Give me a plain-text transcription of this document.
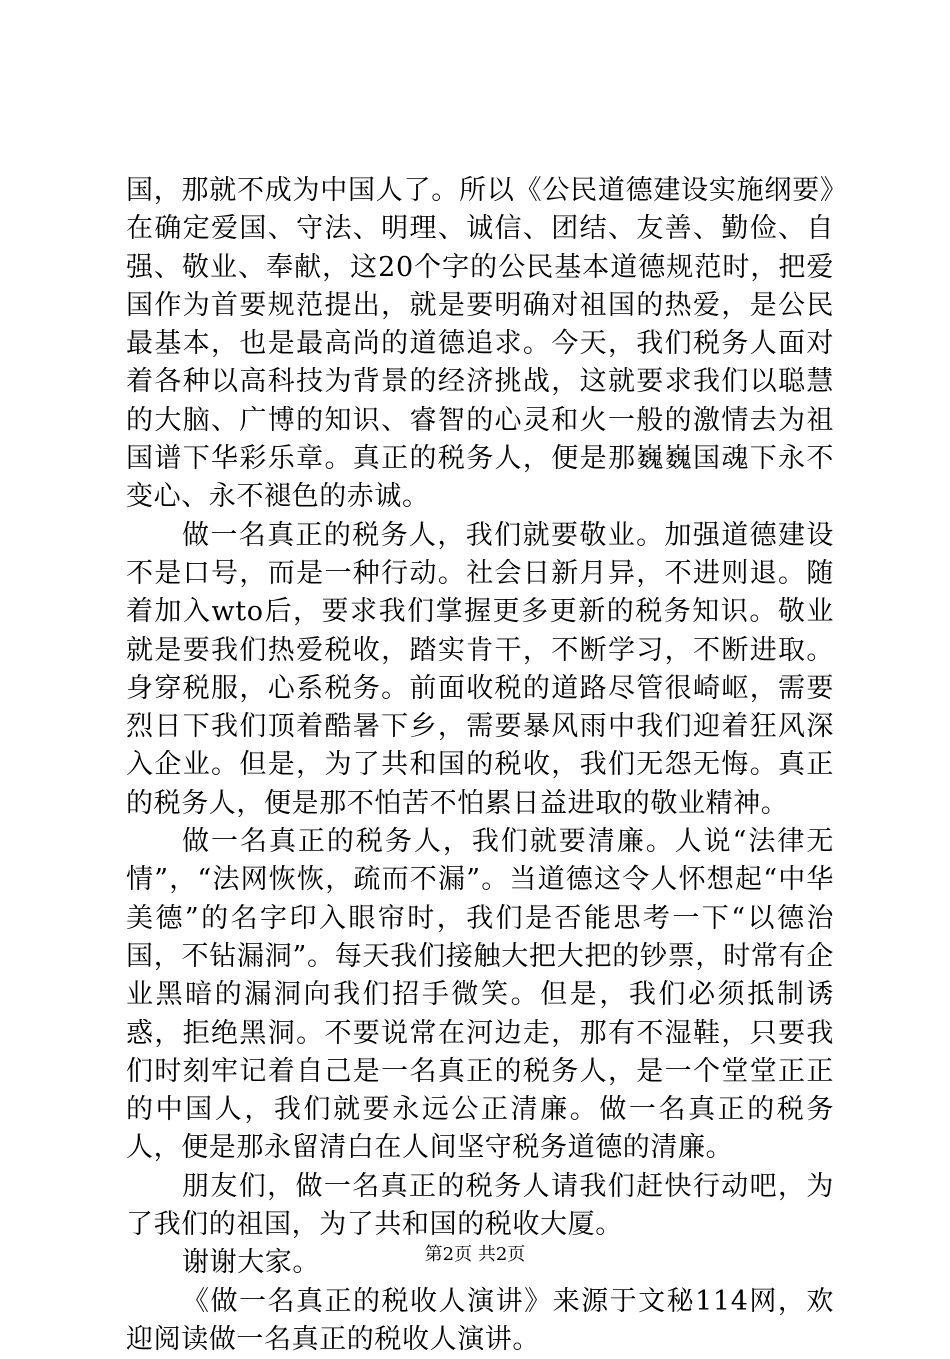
国，那就不成为中国人了。所以《公民道德建设实施纲要》在确定爱国、守法、明理、诚信、团结、友善、勤俭、自强、敬业、奉献，这20个字的公民基本道德规范时，把爱国作为首要规范提出，就是要明确对祖国的热爱，是公民最基本，也是最高尚的道德追求。今天，我们税务人面对着各种以高科技为背景的经济挑战，这就要求我们以聪慧的大脑、广博的知识、睿智的心灵和火一般的激情去为祖国谱下华彩乐章。真正的税务人，便是那巍巍国魂下永不变心、永不褪色的赤诚。

做一名真正的税务人，我们就要敬业。加强道德建设不是口号，而是一种行动。社会日新月异，不进则退。随着加入wto后，要求我们掌握更多更新的税务知识。敬业就是要我们热爱税收，踏实肯干，不断学习，不断进取。身穿税服，心系税务。前面收税的道路尽管很崎岖，需要烈日下我们顶着酷暑下乡，需要暴风雨中我们迎着狂风深入企业。但是，为了共和国的税收，我们无怨无悔。真正的税务人，便是那不怕苦不怕累日益进取的敬业精神。

做一名真正的税务人，我们就要清廉。人说“法律无情”，“法网恢恢，疏而不漏”。当道德这令人怀想起“中华美德”的名字印入眼帘时，我们是否能思考一下“以德治国，不钻漏洞”。每天我们接触大把大把的钞票，时常有企业黑暗的漏洞向我们招手微笑。但是，我们必须抵制诱惑，拒绝黑洞。不要说常在河边走，那有不湿鞋，只要我们时刻牢记着自己是一名真正的税务人，是一个堂堂正正的中国人，我们就要永远公正清廉。做一名真正的税务人，便是那永留清白在人间坚守税务道德的清廉。

朋友们，做一名真正的税务人请我们赶快行动吧，为了我们的祖国，为了共和国的税收大厦。

谢谢大家。

《做一名真正的税收人演讲》来源于文秘114网，欢迎阅读做一名真正的税收人演讲。

第2页 共2页
